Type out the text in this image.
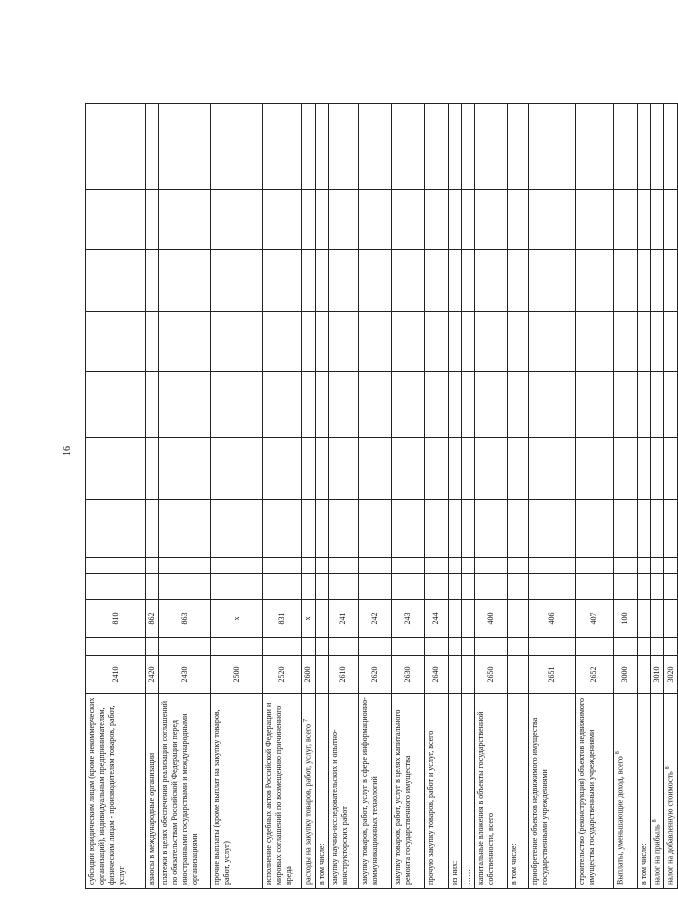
16
субсидии юридическим лицам (кроме некоммерческих организаций), индивидуальным предпринимателям, физическим лицам - производителям товаров, работ, услуг	2410		810									
взносы в международные организации	2420		862									
платежи в целях обеспечения реализации соглашений по обязательствам Российской Федерации перед иностранными государствами и международными организациями	2430		863									
прочие выплаты (кроме выплат на закупку товаров, работ, услуг)	2500		х									
исполнение судебных актов Российской Федерации и мировых соглашений по возмещению причиненного вреда	2520		831									
расходы на закупку товаров, работ, услуг, всего $^7$	2600		х									
в том числе:												
закупку научно-исследовательских и опытно-конструкторских работ	2610		241									
закупку товаров, работ, услуг в сфере информационно-коммуникационных технологий	2620		242									
закупку товаров, работ, услуг в целях капитального ремонта государственного имущества	2630		243									
прочую закупку товаров, работ и услуг, всего	2640		244									
из них:												
……												
капитальные вложения в объекты государственной собственности, всего	2650		400									
в том числе:												
приобретение объектов недвижимого имущества государственными учреждениями	2651		406									
строительство (реконструкция) объектов недвижимого имущества государственными учреждениями	2652		407									
Выплаты, уменьшающие доход, всего $^8$	3000		100									
в том числе:												
налог на прибыль $^8$	3010											
налог на добавленную стоимость $^8$	3020											
